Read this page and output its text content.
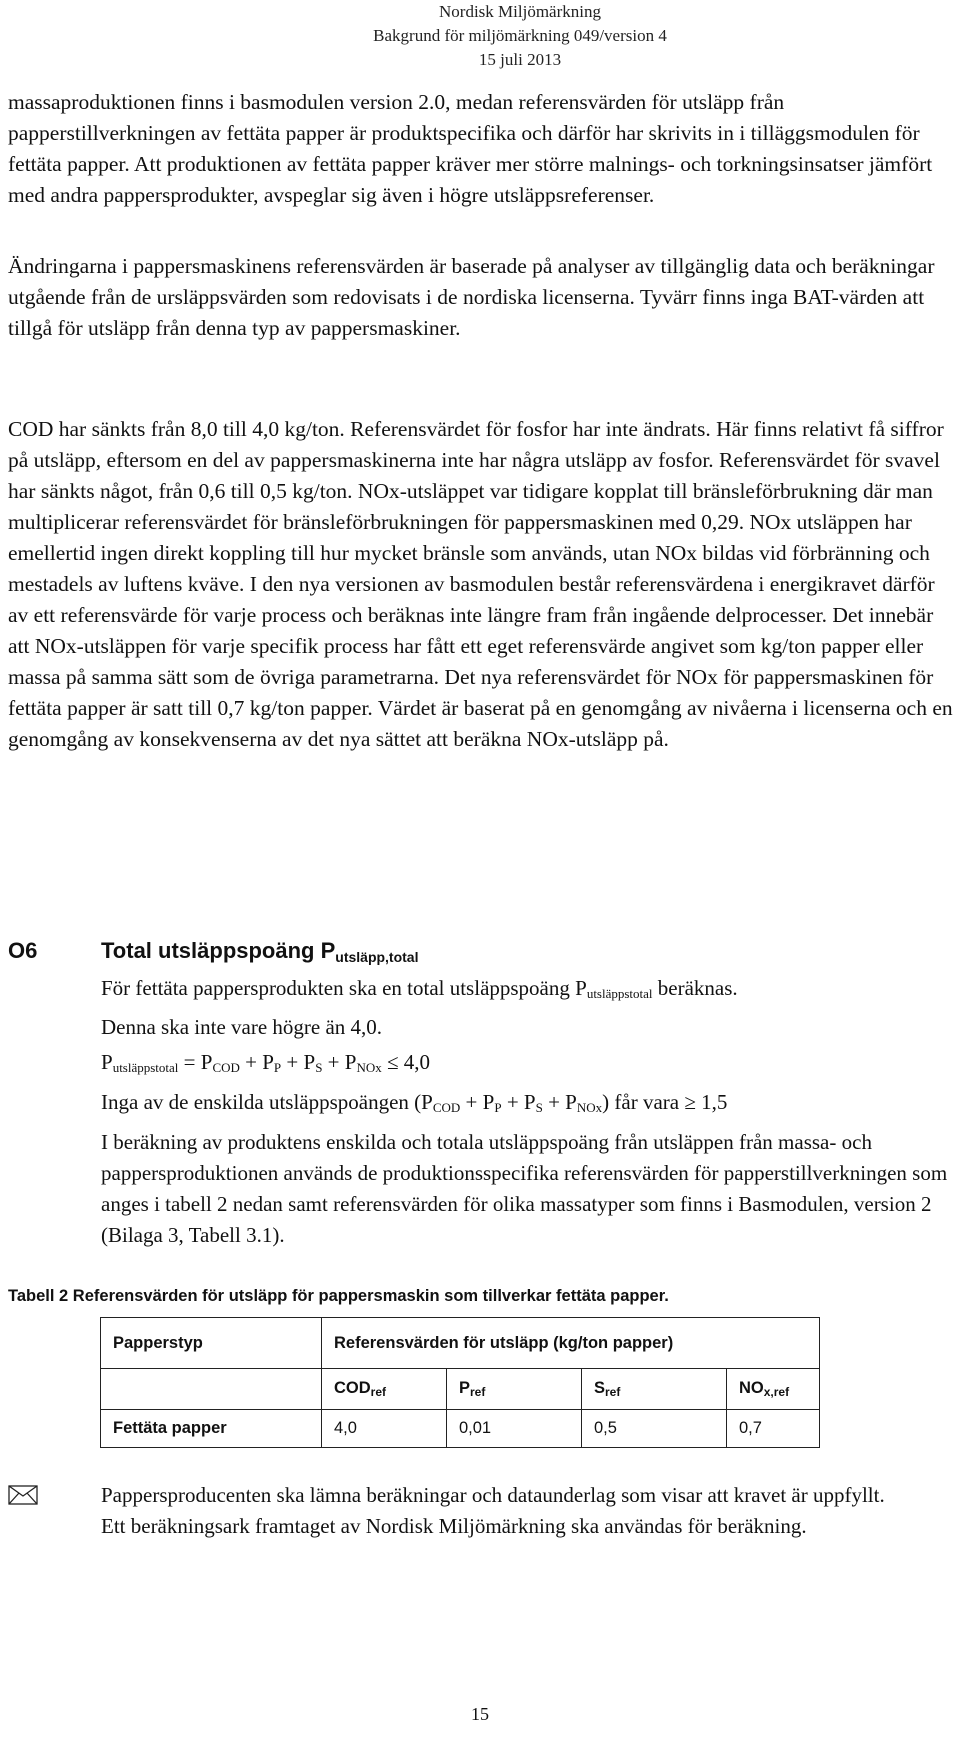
Nordisk Miljömärkning
Bakgrund för miljömärkning 049/version 4
15 juli 2013

massaproduktionen finns i basmodulen version 2.0, medan referensvärden för utsläpp från papperstillverkningen av fettäta papper är produktspecifika och därför har skrivits in i tilläggsmodulen för fettäta papper. Att produktionen av fettäta papper kräver mer större malnings- och torkningsinsatser jämfört med andra pappersprodukter, avspeglar sig även i högre utsläppsreferenser.

Ändringarna i pappersmaskinens referensvärden är baserade på analyser av tillgänglig data och beräkningar utgående från de ursläppsvärden som redovisats i de nordiska licenserna. Tyvärr finns inga BAT-värden att tillgå för utsläpp från denna typ av pappersmaskiner.

COD har sänkts från 8,0 till 4,0 kg/ton. Referensvärdet för fosfor har inte ändrats. Här finns relativt få siffror på utsläpp, eftersom en del av pappersmaskinerna inte har några utsläpp av fosfor. Referensvärdet för svavel har sänkts något, från 0,6 till 0,5 kg/ton. NOx-utsläppet var tidigare kopplat till bränsleförbrukning där man multiplicerar referensvärdet för bränsleförbrukningen för pappersmaskinen med 0,29. NOx utsläppen har emellertid ingen direkt koppling till hur mycket bränsle som används, utan NOx bildas vid förbränning och mestadels av luftens kväve. I den nya versionen av basmodulen består referensvärdena i energikravet därför av ett referensvärde för varje process och beräknas inte längre fram från ingående delprocesser. Det innebär att NOx-utsläppen för varje specifik process har fått ett eget referensvärde angivet som kg/ton papper eller massa på samma sätt som de övriga parametrarna. Det nya referensvärdet för NOx för pappersmaskinen för fettäta papper är satt till 0,7 kg/ton papper. Värdet är baserat på en genomgång av nivåerna i licenserna och en genomgång av konsekvenserna av det nya sättet att beräkna NOx-utsläpp på.

O6	Total utsläppspoäng $P_{utsläpp,total}$

För fettäta pappersprodukten ska en total utsläppspoäng $P_{utsläppstotal}$ beräknas.

Denna ska inte vare högre än 4,0.

$P_{utsläppstotal} = P_{COD} + P_P + P_S + P_{NOx} \le 4,0$

Inga av de enskilda utsläppspoängen $(P_{COD} + P_P + P_S + P_{NOx})$ får vara ≥ 1,5

I beräkning av produktens enskilda och totala utsläppspoäng från utsläppen från massa- och pappersproduktionen används de produktionsspecifika referensvärden för papperstillverkningen som anges i tabell 2 nedan samt referensvärden för olika massatyper som finns i Basmodulen, version 2 (Bilaga 3, Tabell 3.1).

Tabell 2 Referensvärden för utsläpp för pappersmaskin som tillverkar fettäta papper.
Papperstyp	Referensvärden för utsläpp (kg/ton papper)			
	$COD_{ref}$	$P_{ref}$	$S_{ref}$	$NO_{x,ref}$
Fettäta papper	4,0	0,01	0,5	0,7

Pappersproducenten ska lämna beräkningar och dataunderlag som visar att kravet är uppfyllt. Ett beräkningsark framtaget av Nordisk Miljömärkning ska användas för beräkning.

15
